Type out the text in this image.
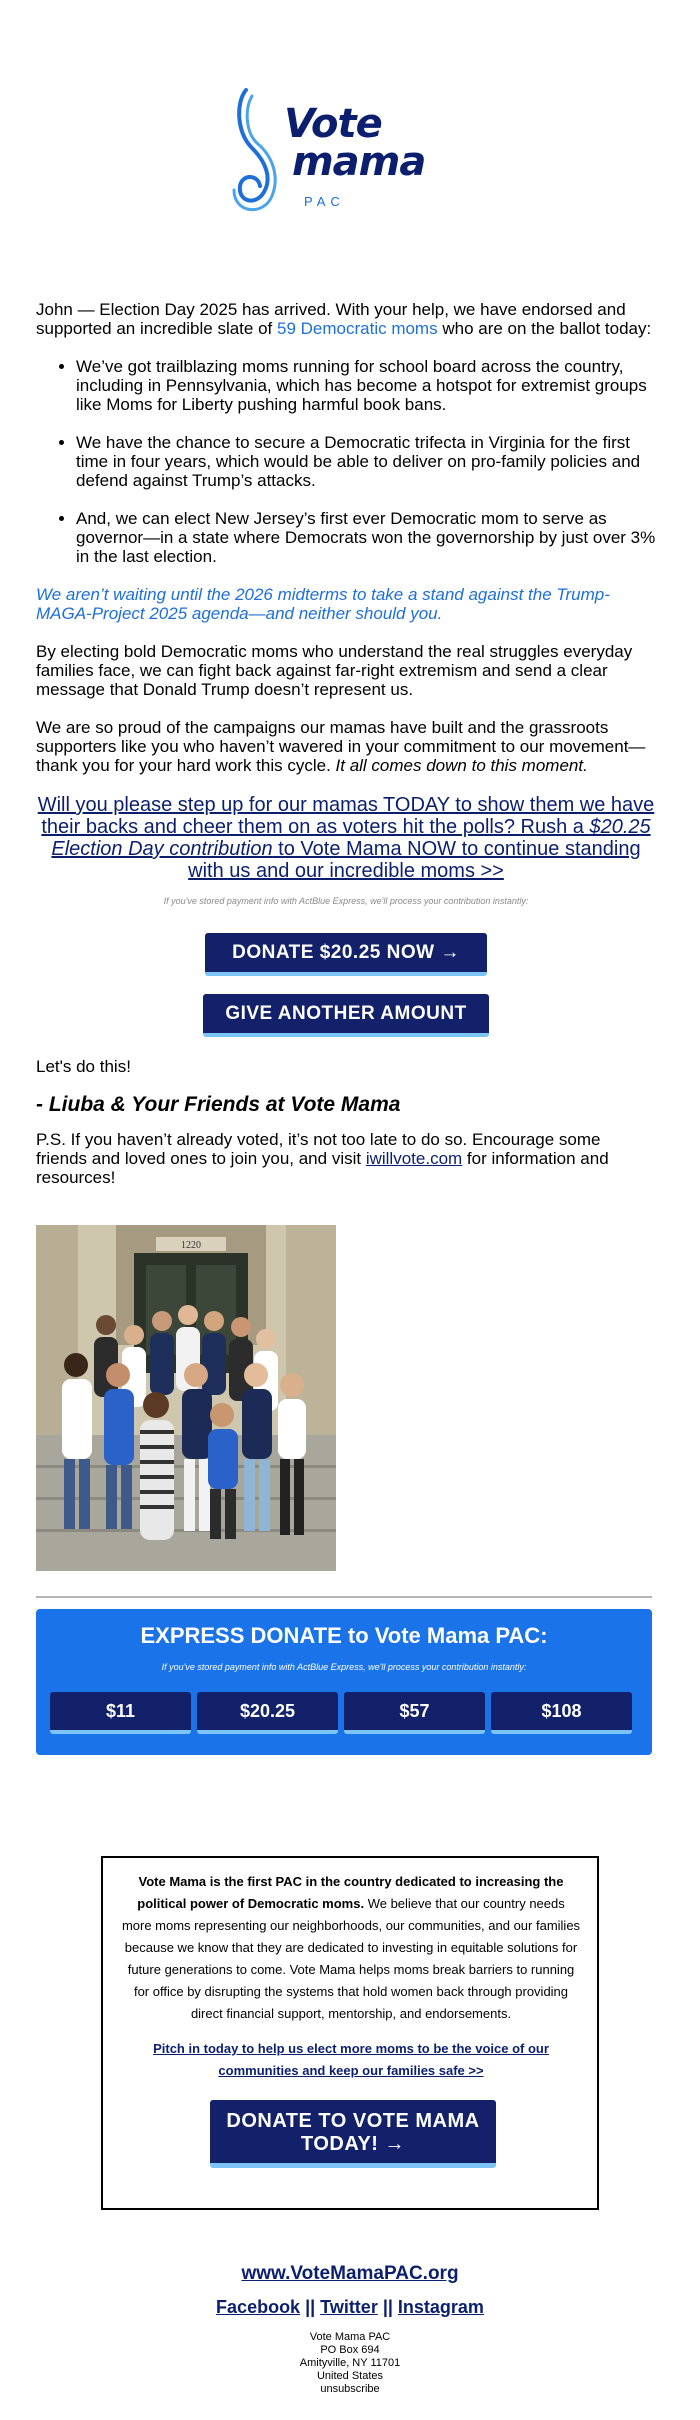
Vote
mama
PAC

John — Election Day 2025 has arrived. With your help, we have endorsed and supported an incredible slate of 59 Democratic moms who are on the ballot today:

• We’ve got trailblazing moms running for school board across the country, including in Pennsylvania, which has become a hotspot for extremist groups like Moms for Liberty pushing harmful book bans.
• We have the chance to secure a Democratic trifecta in Virginia for the first time in four years, which would be able to deliver on pro-family policies and defend against Trump’s attacks.
• And, we can elect New Jersey’s first ever Democratic mom to serve as governor—in a state where Democrats won the governorship by just over 3% in the last election.

We aren’t waiting until the 2026 midterms to take a stand against the Trump-MAGA-Project 2025 agenda—and neither should you.

By electing bold Democratic moms who understand the real struggles everyday families face, we can fight back against far-right extremism and send a clear message that Donald Trump doesn’t represent us.

We are so proud of the campaigns our mamas have built and the grassroots supporters like you who haven’t wavered in your commitment to our movement—thank you for your hard work this cycle. It all comes down to this moment.

Will you please step up for our mamas TODAY to show them we have their backs and cheer them on as voters hit the polls? Rush a $20.25 Election Day contribution to Vote Mama NOW to continue standing with us and our incredible moms >>

If you've stored payment info with ActBlue Express, we'll process your contribution instantly:

DONATE $20.25 NOW →
GIVE ANOTHER AMOUNT

Let's do this!

- Liuba & Your Friends at Vote Mama

P.S. If you haven’t already voted, it’s not too late to do so. Encourage some friends and loved ones to join you, and visit iwillvote.com for information and resources!

1220
EXPRESS DONATE to Vote Mama PAC:
If you've stored payment info with ActBlue Express, we'll process your contribution instantly:
$11	$20.25	$57	$108
Vote Mama is the first PAC in the country dedicated to increasing the political power of Democratic moms. We believe that our country needs more moms representing our neighborhoods, our communities, and our families because we know that they are dedicated to investing in equitable solutions for future generations to come. Vote Mama helps moms break barriers to running for office by disrupting the systems that hold women back through providing direct financial support, mentorship, and endorsements.
Pitch in today to help us elect more moms to be the voice of our communities and keep our families safe >>
DONATE TO VOTE MAMA TODAY! →
www.VoteMamaPAC.org
Facebook || Twitter || Instagram
Vote Mama PAC
PO Box 694
Amityville, NY 11701
United States
unsubscribe
